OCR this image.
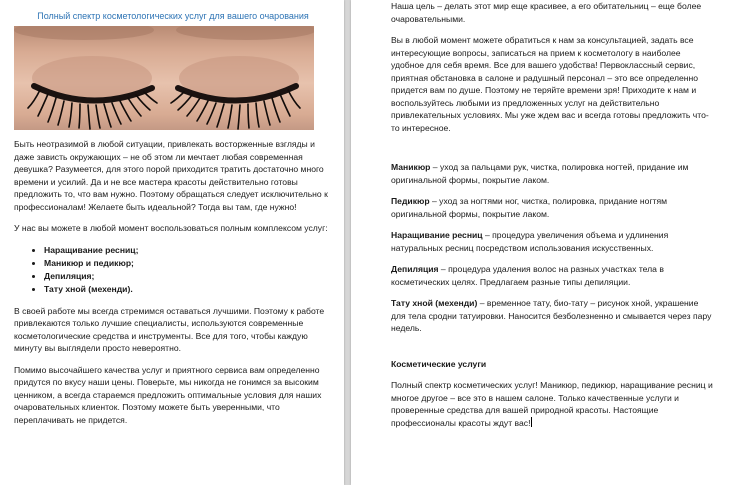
Полный спектр косметологических услуг для вашего очарования

Быть неотразимой в любой ситуации, привлекать восторженные взгляды и даже зависть окружающих – не об этом ли мечтает любая современная девушка? Разумеется, для этого порой приходится тратить достаточно много времени и усилий. Да и не все мастера красоты действительно готовы предложить то, что вам нужно. Поэтому обращаться следует исключительно к профессионалам! Желаете быть идеальной? Тогда вы там, где нужно!

У нас вы можете в любой момент воспользоваться полным комплексом услуг:

• Наращивание ресниц;
• Маникюр и педикюр;
• Депиляция;
• Тату хной (мехенди).

В своей работе мы всегда стремимся оставаться лучшими. Поэтому к работе привлекаются только лучшие специалисты, используются современные косметологические средства и инструменты. Все для того, чтобы каждую минуту вы выглядели просто невероятно.

Помимо высочайшего качества услуг и приятного сервиса вам определенно придутся по вкусу наши цены. Поверьте, мы никогда не гонимся за высоким ценником, а всегда стараемся предложить оптимальные условия для наших очаровательных клиенток. Поэтому можете быть уверенными, что переплачивать не придется.

Наша цель – делать этот мир еще красивее, а его обитательниц – еще более очаровательными.

Вы в любой момент можете обратиться к нам за консультацией, задать все интересующие вопросы, записаться на прием к косметологу в наиболее удобное для себя время. Все для вашего удобства! Первоклассный сервис, приятная обстановка в салоне и радушный персонал – это все определенно придется вам по душе. Поэтому не теряйте времени зря! Приходите к нам и воспользуйтесь любыми из предложенных услуг на действительно привлекательных условиях. Мы уже ждем вас и всегда готовы предложить что-то интересное.

Маникюр – уход за пальцами рук, чистка, полировка ногтей, придание им оригинальной формы, покрытие лаком.

Педикюр – уход за ногтями ног, чистка, полировка, придание ногтям оригинальной формы, покрытие лаком.

Наращивание ресниц – процедура увеличения объема и удлинения натуральных ресниц посредством использования искусственных.

Депиляция – процедура удаления волос на разных участках тела в косметических целях. Предлагаем разные типы депиляции.

Тату хной (мехенди) – временное тату, био-тату – рисунок хной, украшение для тела сродни татуировки. Наносится безболезненно и смывается через пару недель.

Косметические услуги

Полный спектр косметических услуг! Маникюр, педикюр, наращивание ресниц и многое другое – все это в нашем салоне. Только качественные услуги и проверенные средства для вашей природной красоты. Настоящие профессионалы красоты ждут вас!
